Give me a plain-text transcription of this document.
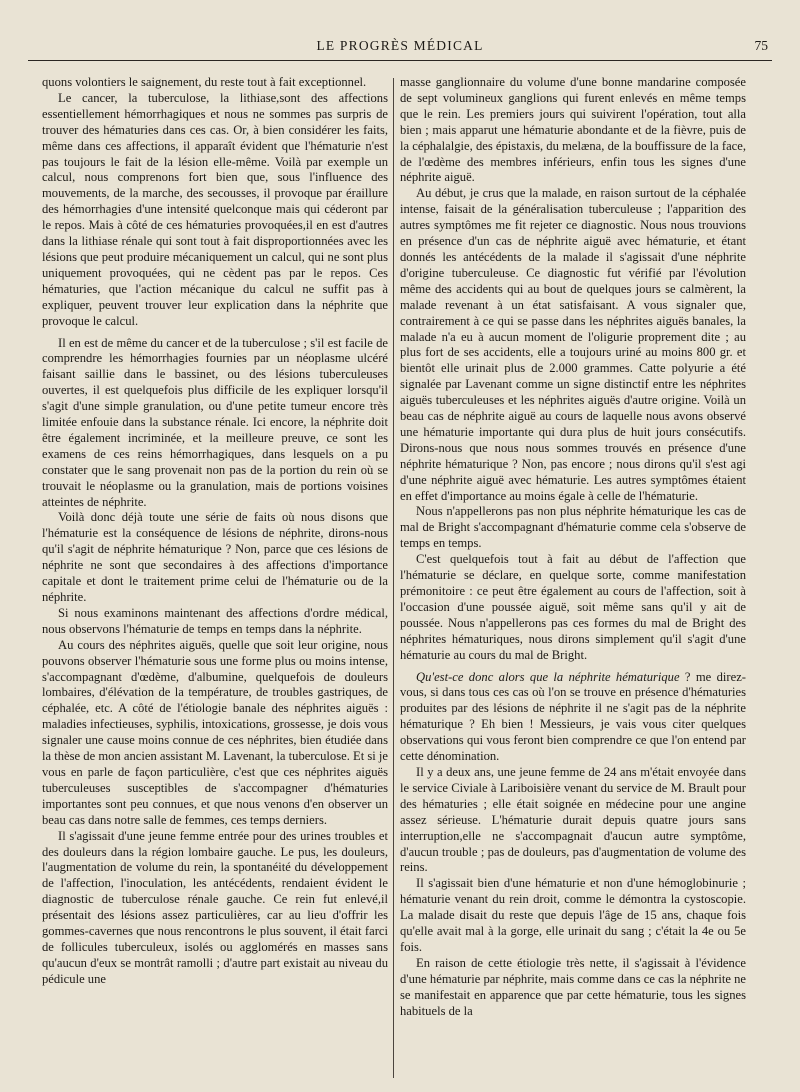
LE PROGRÈS MÉDICAL	75

quons volontiers le saignement, du reste tout à fait exceptionnel.

Le cancer, la tuberculose, la lithiase,sont des affections essentiellement hémorrhagiques et nous ne sommes pas surpris de trouver des hématuries dans ces cas. Or, à bien considérer les faits, même dans ces affections, il apparaît évident que l'hématurie n'est pas toujours le fait de la lésion elle-même. Voilà par exemple un calcul, nous comprenons fort bien que, sous l'influence des mouvements, de la marche, des secousses, il provoque par éraillure des hémorrhagies d'une intensité quelconque mais qui céderont par le repos. Mais à côté de ces hématuries provoquées,il en est d'autres dans la lithiase rénale qui sont tout à fait disproportionnées avec les lésions que peut produire mécaniquement un calcul, qui ne sont plus uniquement provoquées, qui ne cèdent pas par le repos. Ces hématuries, que l'action mécanique du calcul ne suffit pas à expliquer, peuvent trouver leur explication dans la néphrite que provoque le calcul.

Il en est de même du cancer et de la tuberculose ; s'il est facile de comprendre les hémorrhagies fournies par un néoplasme ulcéré faisant saillie dans le bassinet, ou des lésions tuberculeuses ouvertes, il est quelquefois plus difficile de les expliquer lorsqu'il s'agit d'une simple granulation, ou d'une petite tumeur encore très limitée enfouie dans la substance rénale. Ici encore, la néphrite doit être également incriminée, et la meilleure preuve, ce sont les examens de ces reins hémorrhagiques, dans lesquels on a pu constater que le sang provenait non pas de la portion du rein où se trouvait le néoplasme ou la granulation, mais de portions voisines atteintes de néphrite.

Voilà donc déjà toute une série de faits où nous disons que l'hématurie est la conséquence de lésions de néphrite, dirons-nous qu'il s'agit de néphrite hématurique ? Non, parce que ces lésions de néphrite ne sont que secondaires à des affections d'importance capitale et dont le traitement prime celui de l'hématurie ou de la néphrite.

Si nous examinons maintenant des affections d'ordre médical, nous observons l'hématurie de temps en temps dans la néphrite.

Au cours des néphrites aiguës, quelle que soit leur origine, nous pouvons observer l'hématurie sous une forme plus ou moins intense, s'accompagnant d'œdème, d'albumine, quelquefois de douleurs lombaires, d'élévation de la température, de troubles gastriques, de céphalée, etc. A côté de l'étiologie banale des néphrites aiguës : maladies infectieuses, syphilis, intoxications, grossesse, je dois vous signaler une cause moins connue de ces néphrites, bien étudiée dans la thèse de mon ancien assistant M. Lavenant, la tuberculose. Et si je vous en parle de façon particulière, c'est que ces néphrites aiguës tuberculeuses susceptibles de s'accompagner d'hématuries importantes sont peu connues, et que nous venons d'en observer un beau cas dans notre salle de femmes, ces temps derniers.

Il s'agissait d'une jeune femme entrée pour des urines troubles et des douleurs dans la région lombaire gauche. Le pus, les douleurs, l'augmentation de volume du rein, la spontanéité du développement de l'affection, l'inoculation, les antécédents, rendaient évident le diagnostic de tuberculose rénale gauche. Ce rein fut enlevé,il présentait des lésions assez particulières, car au lieu d'offrir les gommes-cavernes que nous rencontrons le plus souvent, il était farci de follicules tuberculeux, isolés ou agglomérés en masses sans qu'aucun d'eux se montrât ramolli ; d'autre part existait au niveau du pédicule une

masse ganglionnaire du volume d'une bonne mandarine composée de sept volumineux ganglions qui furent enlevés en même temps que le rein. Les premiers jours qui suivirent l'opération, tout alla bien ; mais apparut une hématurie abondante et de la fièvre, puis de la céphalalgie, des épistaxis, du melæna, de la bouffissure de la face, de l'œdème des membres inférieurs, enfin tous les signes d'une néphrite aiguë.

Au début, je crus que la malade, en raison surtout de la céphalée intense, faisait de la généralisation tuberculeuse ; l'apparition des autres symptômes me fit rejeter ce diagnostic. Nous nous trouvions en présence d'un cas de néphrite aiguë avec hématurie, et étant donnés les antécédents de la malade il s'agissait d'une néphrite d'origine tuberculeuse. Ce diagnostic fut vérifié par l'évolution même des accidents qui au bout de quelques jours se calmèrent, la malade revenant à un état satisfaisant. A vous signaler que, contrairement à ce qui se passe dans les néphrites aiguës banales, la malade n'a eu à aucun moment de l'oligurie proprement dite ; au plus fort de ses accidents, elle a toujours uriné au moins 800 gr. et bientôt elle urinait plus de 2.000 grammes. Catte polyurie a été signalée par Lavenant comme un signe distinctif entre les néphrites aiguës tuberculeuses et les néphrites aiguës d'autre origine. Voilà un beau cas de néphrite aiguë au cours de laquelle nous avons observé une hématurie importante qui dura plus de huit jours consécutifs. Dirons-nous que nous nous sommes trouvés en présence d'une néphrite hématurique ? Non, pas encore ; nous dirons qu'il s'est agi d'une néphrite aiguë avec hématurie. Les autres symptômes étaient en effet d'importance au moins égale à celle de l'hématurie.

Nous n'appellerons pas non plus néphrite hématurique les cas de mal de Bright s'accompagnant d'hématurie comme cela s'observe de temps en temps.

C'est quelquefois tout à fait au début de l'affection que l'hématurie se déclare, en quelque sorte, comme manifestation prémonitoire : ce peut être également au cours de l'affection, soit à l'occasion d'une poussée aiguë, soit même sans qu'il y ait de poussée. Nous n'appellerons pas ces formes du mal de Bright des néphrites hématuriques, nous dirons simplement qu'il s'agit d'une hématurie au cours du mal de Bright.

Qu'est-ce donc alors que la néphrite hématurique ? me direz-vous, si dans tous ces cas où l'on se trouve en présence d'hématuries produites par des lésions de néphrite il ne s'agit pas de la néphrite hématurique ? Eh bien ! Messieurs, je vais vous citer quelques observations qui vous feront bien comprendre ce que l'on entend par cette dénomination.

Il y a deux ans, une jeune femme de 24 ans m'était envoyée dans le service Civiale à Lariboisière venant du service de M. Brault pour des hématuries ; elle était soignée en médecine pour une angine assez sérieuse. L'hématurie durait depuis quatre jours sans interruption,elle ne s'accompagnait d'aucun autre symptôme, d'aucun trouble ; pas de douleurs, pas d'augmentation de volume des reins.

Il s'agissait bien d'une hématurie et non d'une hémoglobinurie ; hématurie venant du rein droit, comme le démontra la cystoscopie. La malade disait du reste que depuis l'âge de 15 ans, chaque fois qu'elle avait mal à la gorge, elle urinait du sang ; c'était la 4e ou 5e fois.

En raison de cette étiologie très nette, il s'agissait à l'évidence d'une hématurie par néphrite, mais comme dans ce cas la néphrite ne se manifestait en apparence que par cette hématurie, tous les signes habituels de la
